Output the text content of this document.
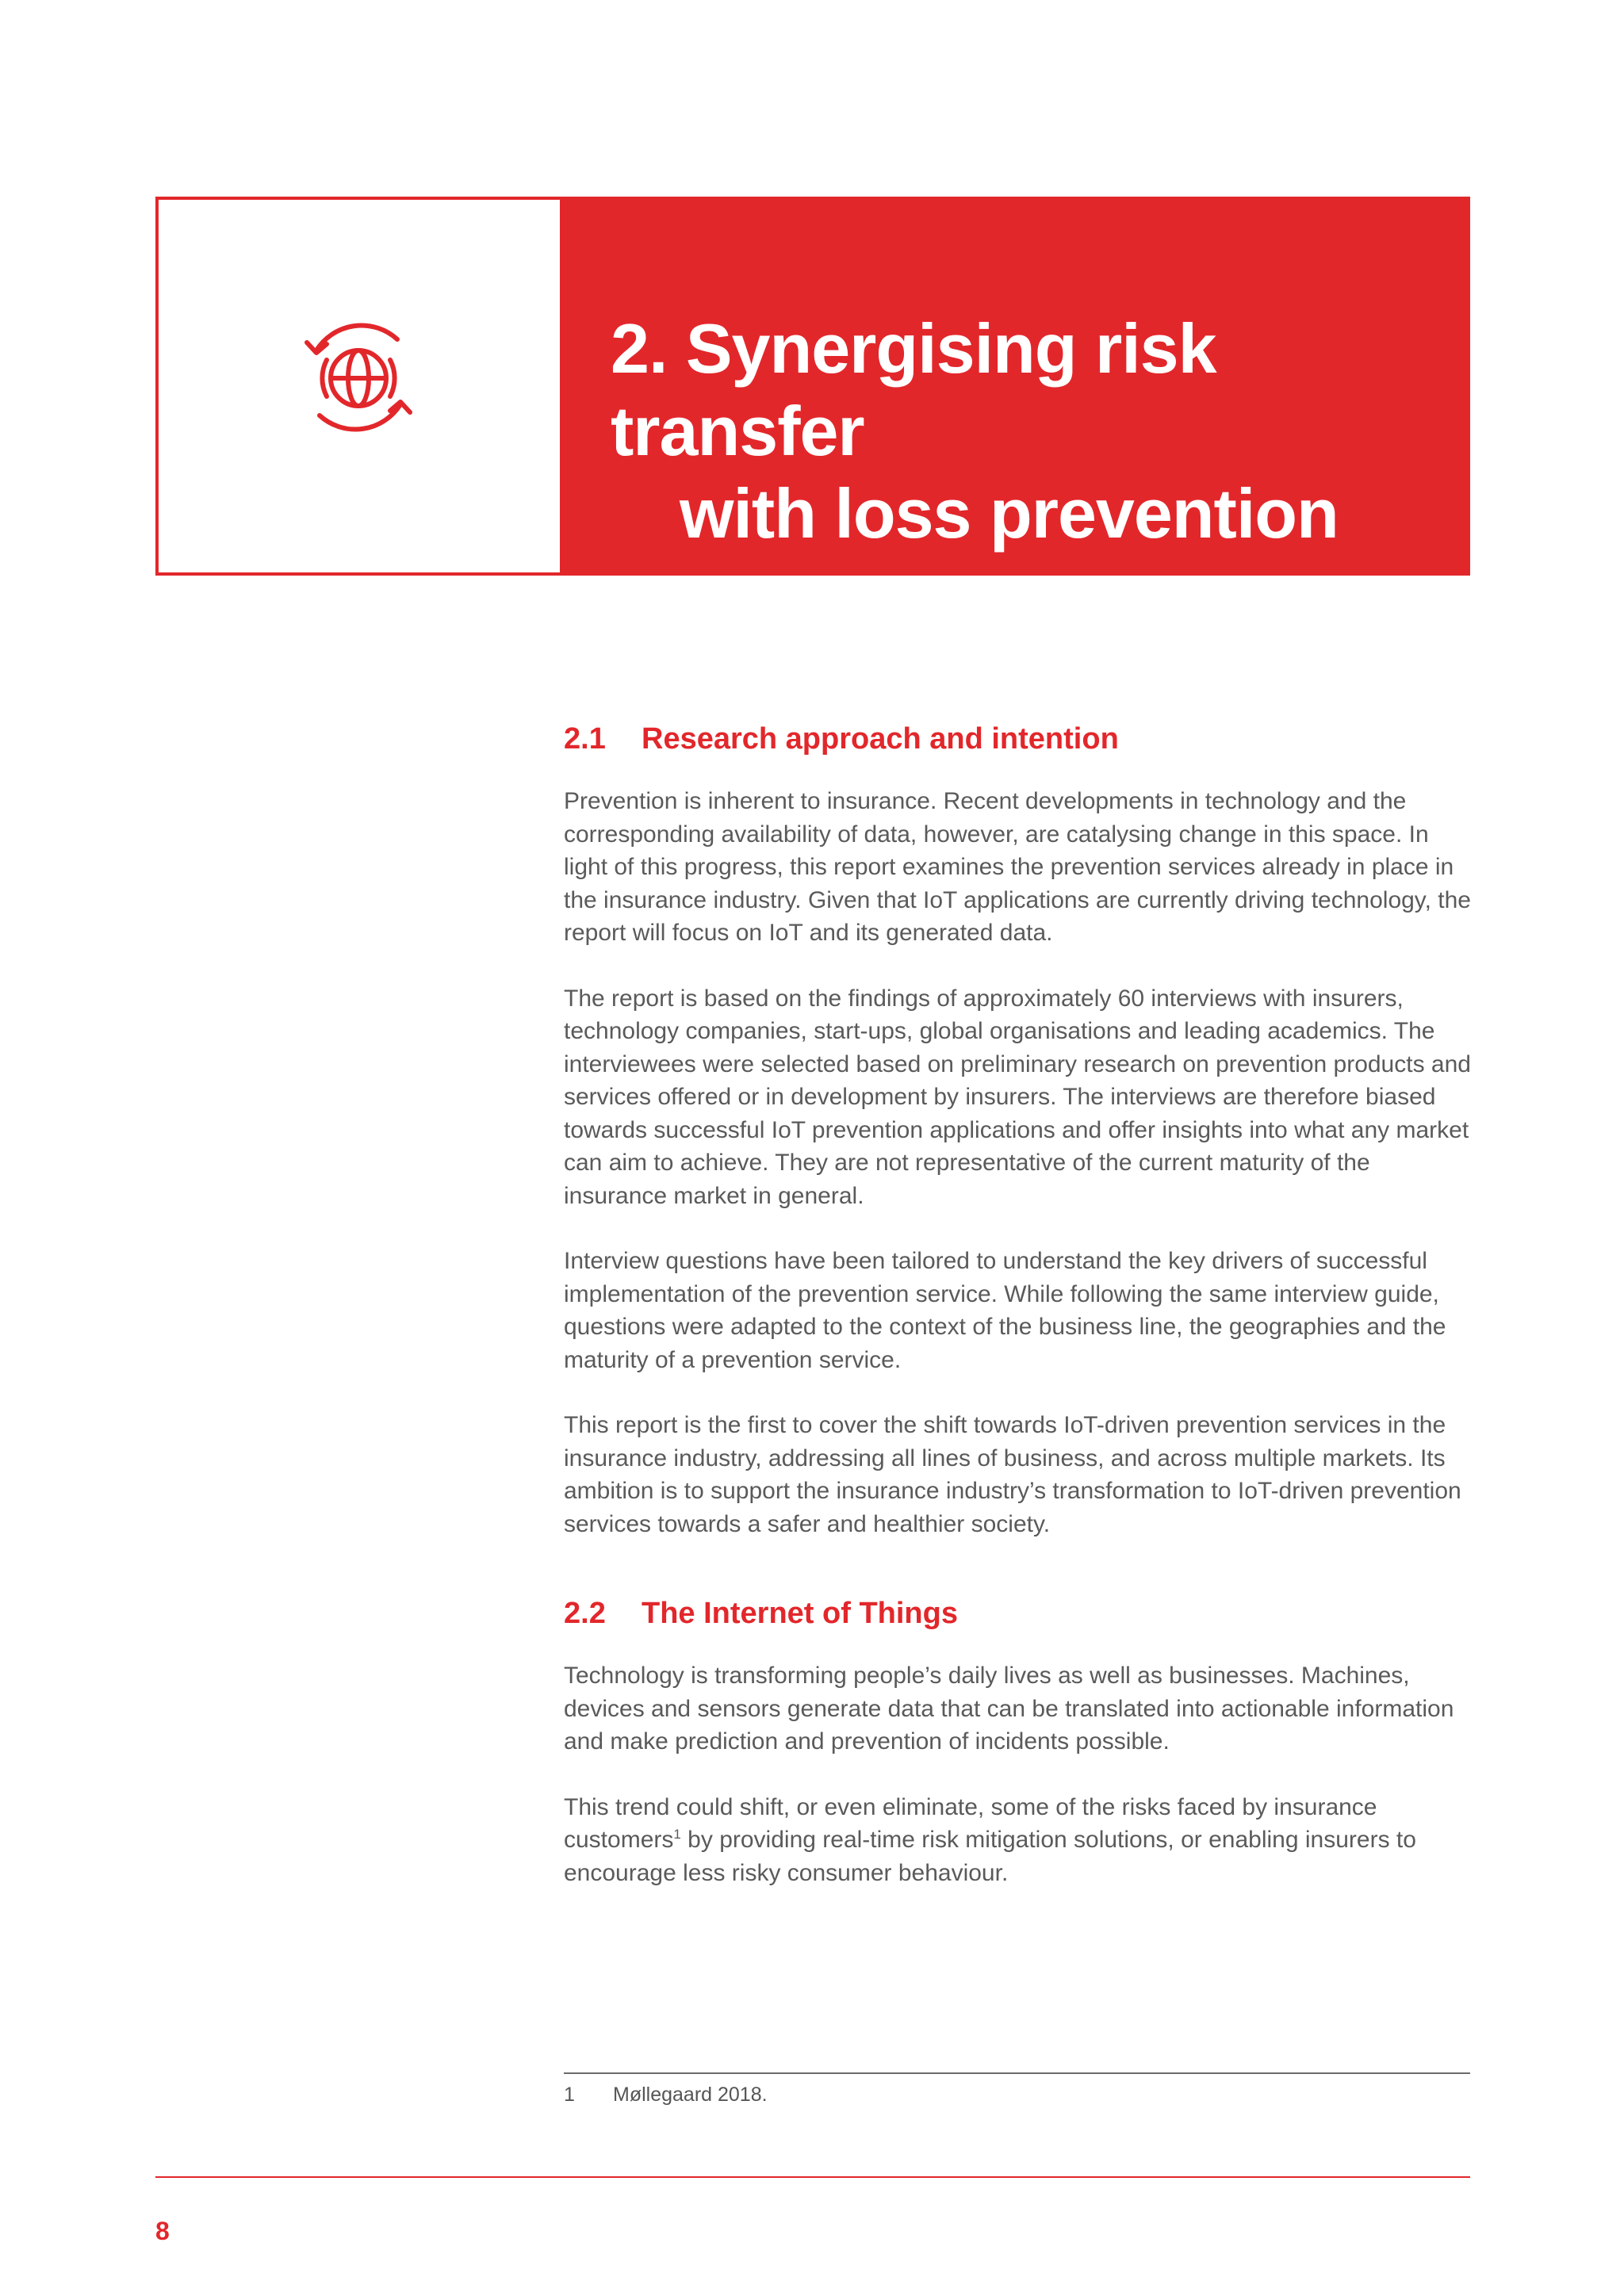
2. Synergising risk transfer
with loss prevention
2.1 Research approach and intention

Prevention is inherent to insurance. Recent developments in technology and the corresponding availability of data, however, are catalysing change in this space. In light of this progress, this report examines the prevention services already in place in the insurance industry. Given that IoT applications are currently driving technology, the report will focus on IoT and its generated data.

The report is based on the findings of approximately 60 interviews with insurers, technology companies, start-ups, global organisations and leading academics. The interviewees were selected based on preliminary research on prevention products and services offered or in development by insurers. The interviews are therefore biased towards successful IoT prevention applications and offer insights into what any market can aim to achieve. They are not representative of the current maturity of the insurance market in general.

Interview questions have been tailored to understand the key drivers of successful implementation of the prevention service. While following the same interview guide, questions were adapted to the context of the business line, the geographies and the maturity of a prevention service.

This report is the first to cover the shift towards IoT-driven prevention services in the insurance industry, addressing all lines of business, and across multiple markets. Its ambition is to support the insurance industry’s transformation to IoT-driven prevention services towards a safer and healthier society.

2.2 The Internet of Things

Technology is transforming people’s daily lives as well as businesses. Machines, devices and sensors generate data that can be translated into actionable information and make prediction and prevention of incidents possible.

This trend could shift, or even eliminate, some of the risks faced by insurance customers$^1$ by providing real-time risk mitigation solutions, or enabling insurers to encourage less risky consumer behaviour.

1 Møllegaard 2018.
8
